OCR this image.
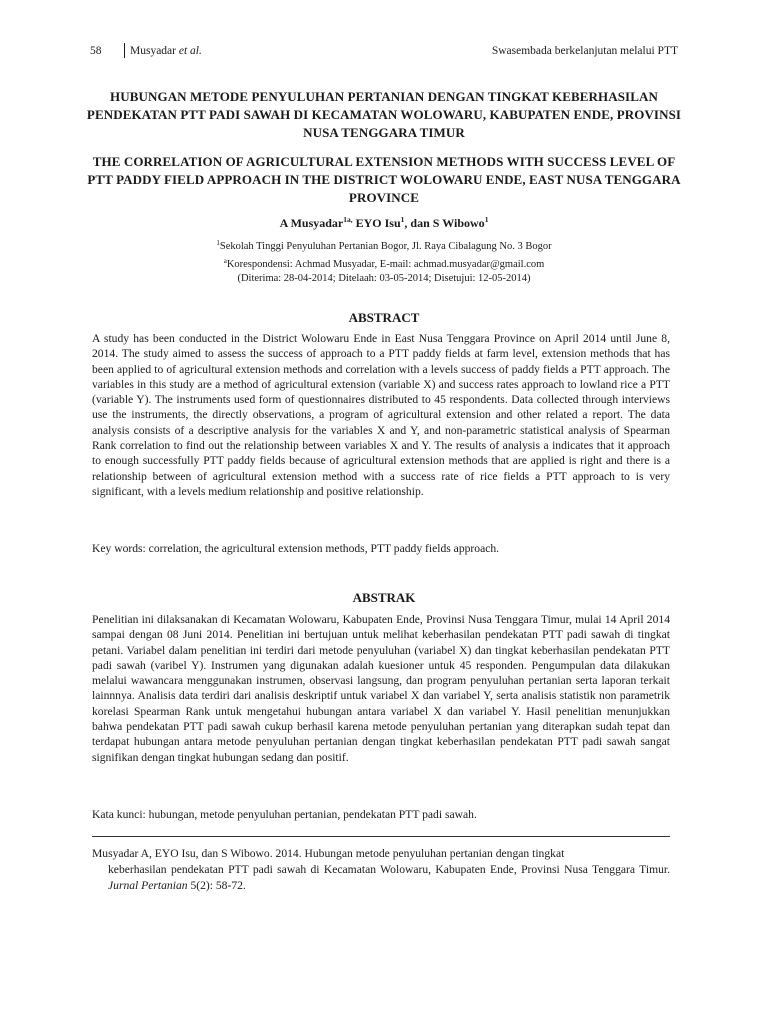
58 Musyadar et al.	Swasembada berkelanjutan melalui PTT
HUBUNGAN METODE PENYULUHAN PERTANIAN DENGAN TINGKAT KEBERHASILAN PENDEKATAN PTT PADI SAWAH DI KECAMATAN WOLOWARU, KABUPATEN ENDE, PROVINSI NUSA TENGGARA TIMUR
THE CORRELATION OF AGRICULTURAL EXTENSION METHODS WITH SUCCESS LEVEL OF PTT PADDY FIELD APPROACH IN THE DISTRICT WOLOWARU ENDE, EAST NUSA TENGGARA PROVINCE
A Musyadar$^{1a,}$ EYO Isu$^1$, dan S Wibowo$^1$
$^1$Sekolah Tinggi Penyuluhan Pertanian Bogor, Jl. Raya Cibalagung No. 3 Bogor
$^a$Korespondensi: Achmad Musyadar, E-mail: achmad.musyadar@gmail.com
(Diterima: 28-04-2014; Ditelaah: 03-05-2014; Disetujui: 12-05-2014)
ABSTRACT
A study has been conducted in the District Wolowaru Ende in East Nusa Tenggara Province on April 2014 until June 8, 2014. The study aimed to assess the success of approach to a PTT paddy fields at farm level, extension methods that has been applied to of agricultural extension methods and correlation with a levels success of paddy fields a PTT approach. The variables in this study are a method of agricultural extension (variable X) and success rates approach to lowland rice a PTT (variable Y). The instruments used form of questionnaires distributed to 45 respondents. Data collected through interviews use the instruments, the directly observations, a program of agricultural extension and other related a report. The data analysis consists of a descriptive analysis for the variables X and Y, and non-parametric statistical analysis of Spearman Rank correlation to find out the relationship between variables X and Y. The results of analysis a indicates that it approach to enough successfully PTT paddy fields because of agricultural extension methods that are applied is right and there is a relationship between of agricultural extension method with a success rate of rice fields a PTT approach to is very significant, with a levels medium relationship and positive relationship.
Key words: correlation, the agricultural extension methods, PTT paddy fields approach.
ABSTRAK
Penelitian ini dilaksanakan di Kecamatan Wolowaru, Kabupaten Ende, Provinsi Nusa Tenggara Timur, mulai 14 April 2014 sampai dengan 08 Juni 2014. Penelitian ini bertujuan untuk melihat keberhasilan pendekatan PTT padi sawah di tingkat petani. Variabel dalam penelitian ini terdiri dari metode penyuluhan (variabel X) dan tingkat keberhasilan pendekatan PTT padi sawah (varibel Y). Instrumen yang digunakan adalah kuesioner untuk 45 responden. Pengumpulan data dilakukan melalui wawancara menggunakan instrumen, observasi langsung, dan program penyuluhan pertanian serta laporan terkait lainnnya. Analisis data terdiri dari analisis deskriptif untuk variabel X dan variabel Y, serta analisis statistik non parametrik korelasi Spearman Rank untuk mengetahui hubungan antara variabel X dan variabel Y. Hasil penelitian menunjukkan bahwa pendekatan PTT padi sawah cukup berhasil karena metode penyuluhan pertanian yang diterapkan sudah tepat dan terdapat hubungan antara metode penyuluhan pertanian dengan tingkat keberhasilan pendekatan PTT padi sawah sangat signifikan dengan tingkat hubungan sedang dan positif.
Kata kunci: hubungan, metode penyuluhan pertanian, pendekatan PTT padi sawah.
Musyadar A, EYO Isu, dan S Wibowo. 2014. Hubungan metode penyuluhan pertanian dengan tingkat
keberhasilan pendekatan PTT padi sawah di Kecamatan Wolowaru, Kabupaten Ende, Provinsi Nusa Tenggara Timur. Jurnal Pertanian 5(2): 58-72.
